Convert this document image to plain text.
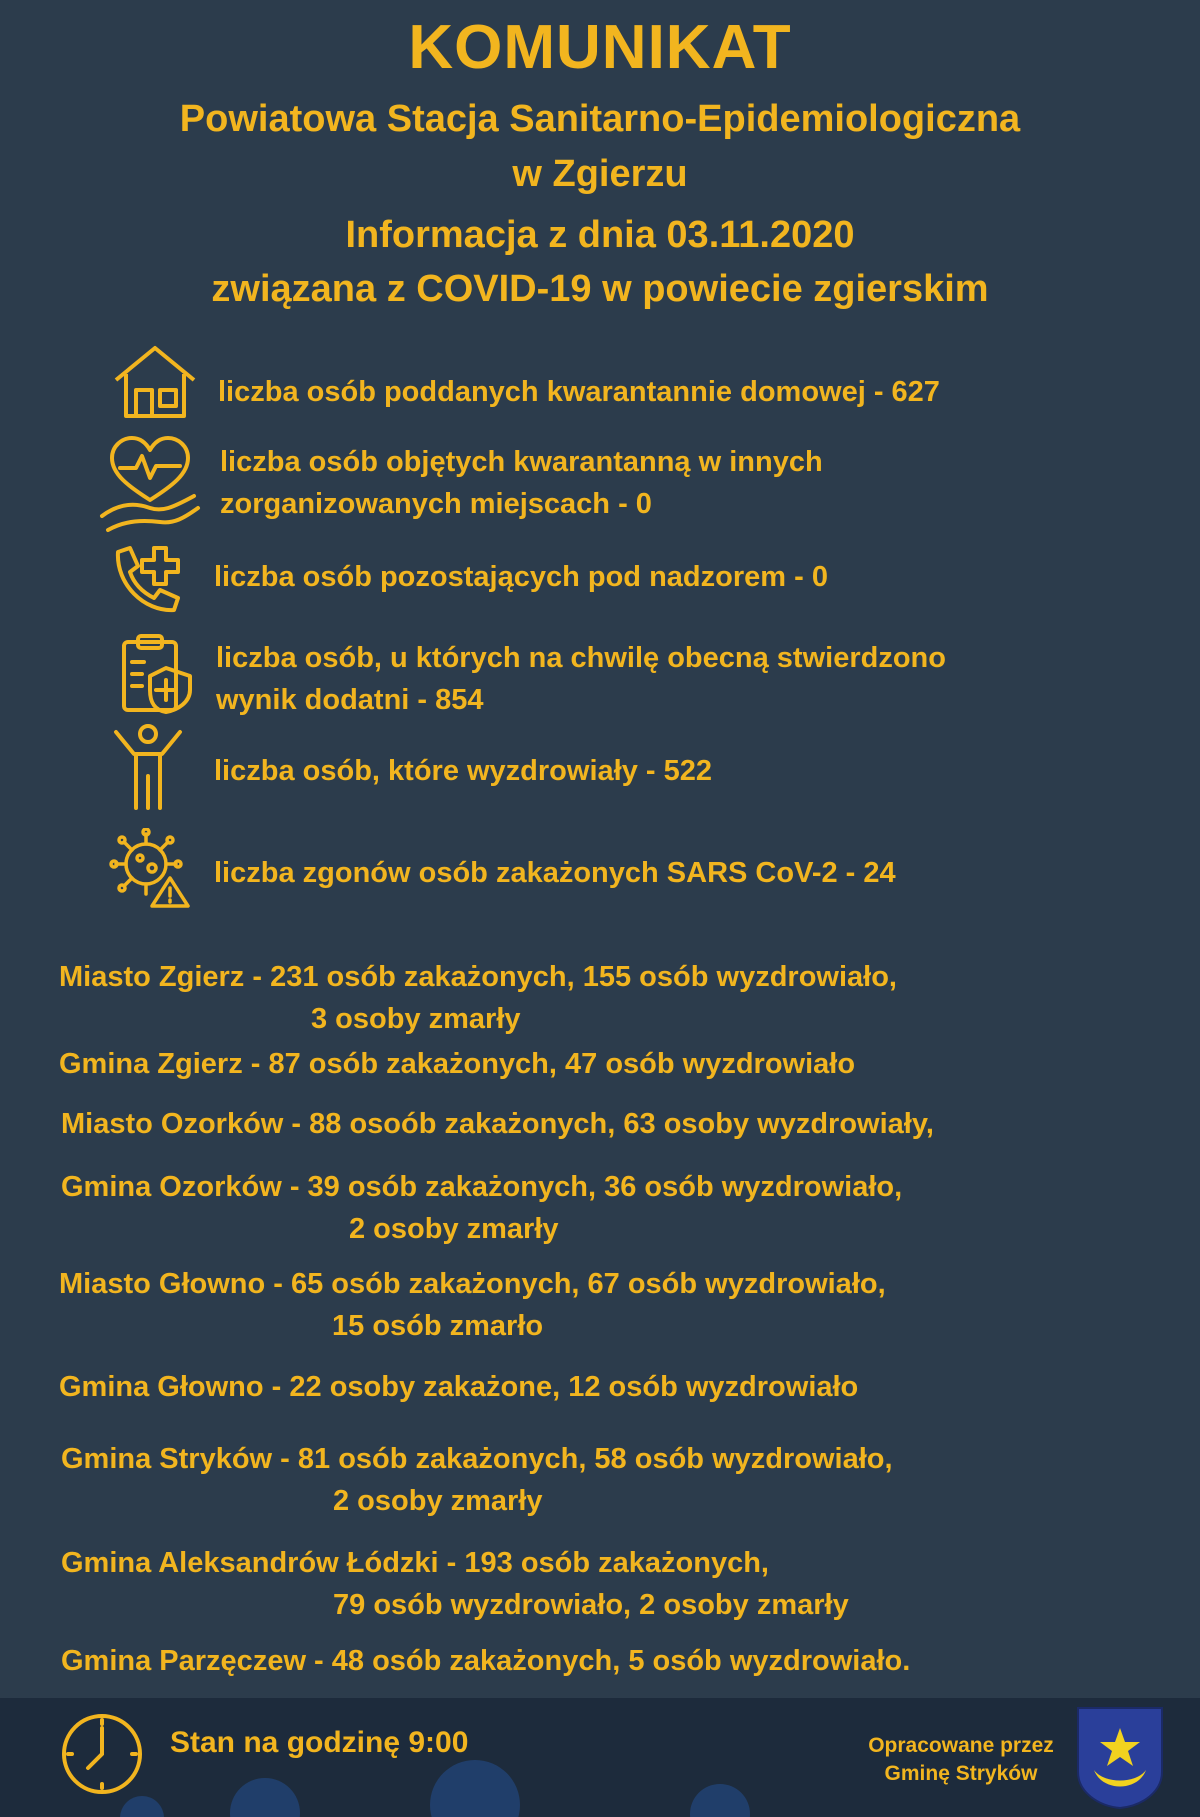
KOMUNIKAT
Powiatowa Stacja Sanitarno-Epidemiologiczna
w Zgierzu
Informacja z dnia 03.11.2020
związana z COVID-19 w powiecie zgierskim
liczba osób poddanych kwarantannie domowej - 627
liczba osób objętych kwarantanną w innych
zorganizowanych miejscach - 0
liczba osób pozostających pod nadzorem - 0
liczba osób, u których na chwilę obecną stwierdzono
wynik dodatni - 854
liczba osób, które wyzdrowiały - 522
liczba zgonów osób zakażonych SARS CoV-2 - 24
Miasto Zgierz - 231 osób zakażonych, 155 osób wyzdrowiało,
3 osoby zmarły
Gmina Zgierz - 87 osób zakażonych, 47 osób wyzdrowiało
Miasto Ozorków - 88 osoób zakażonych, 63 osoby wyzdrowiały,
Gmina Ozorków - 39 osób zakażonych, 36 osób wyzdrowiało,
2 osoby zmarły
Miasto Głowno - 65 osób zakażonych, 67 osób wyzdrowiało,
15 osób zmarło
Gmina Głowno - 22 osoby zakażone, 12 osób wyzdrowiało
Gmina Stryków - 81 osób zakażonych, 58 osób wyzdrowiało,
2 osoby zmarły
Gmina Aleksandrów Łódzki - 193 osób zakażonych,
79 osób wyzdrowiało, 2 osoby zmarły
Gmina Parzęczew - 48 osób zakażonych, 5 osób wyzdrowiało.
Stan na godzinę 9:00	Opracowane przez
Gminę Stryków
